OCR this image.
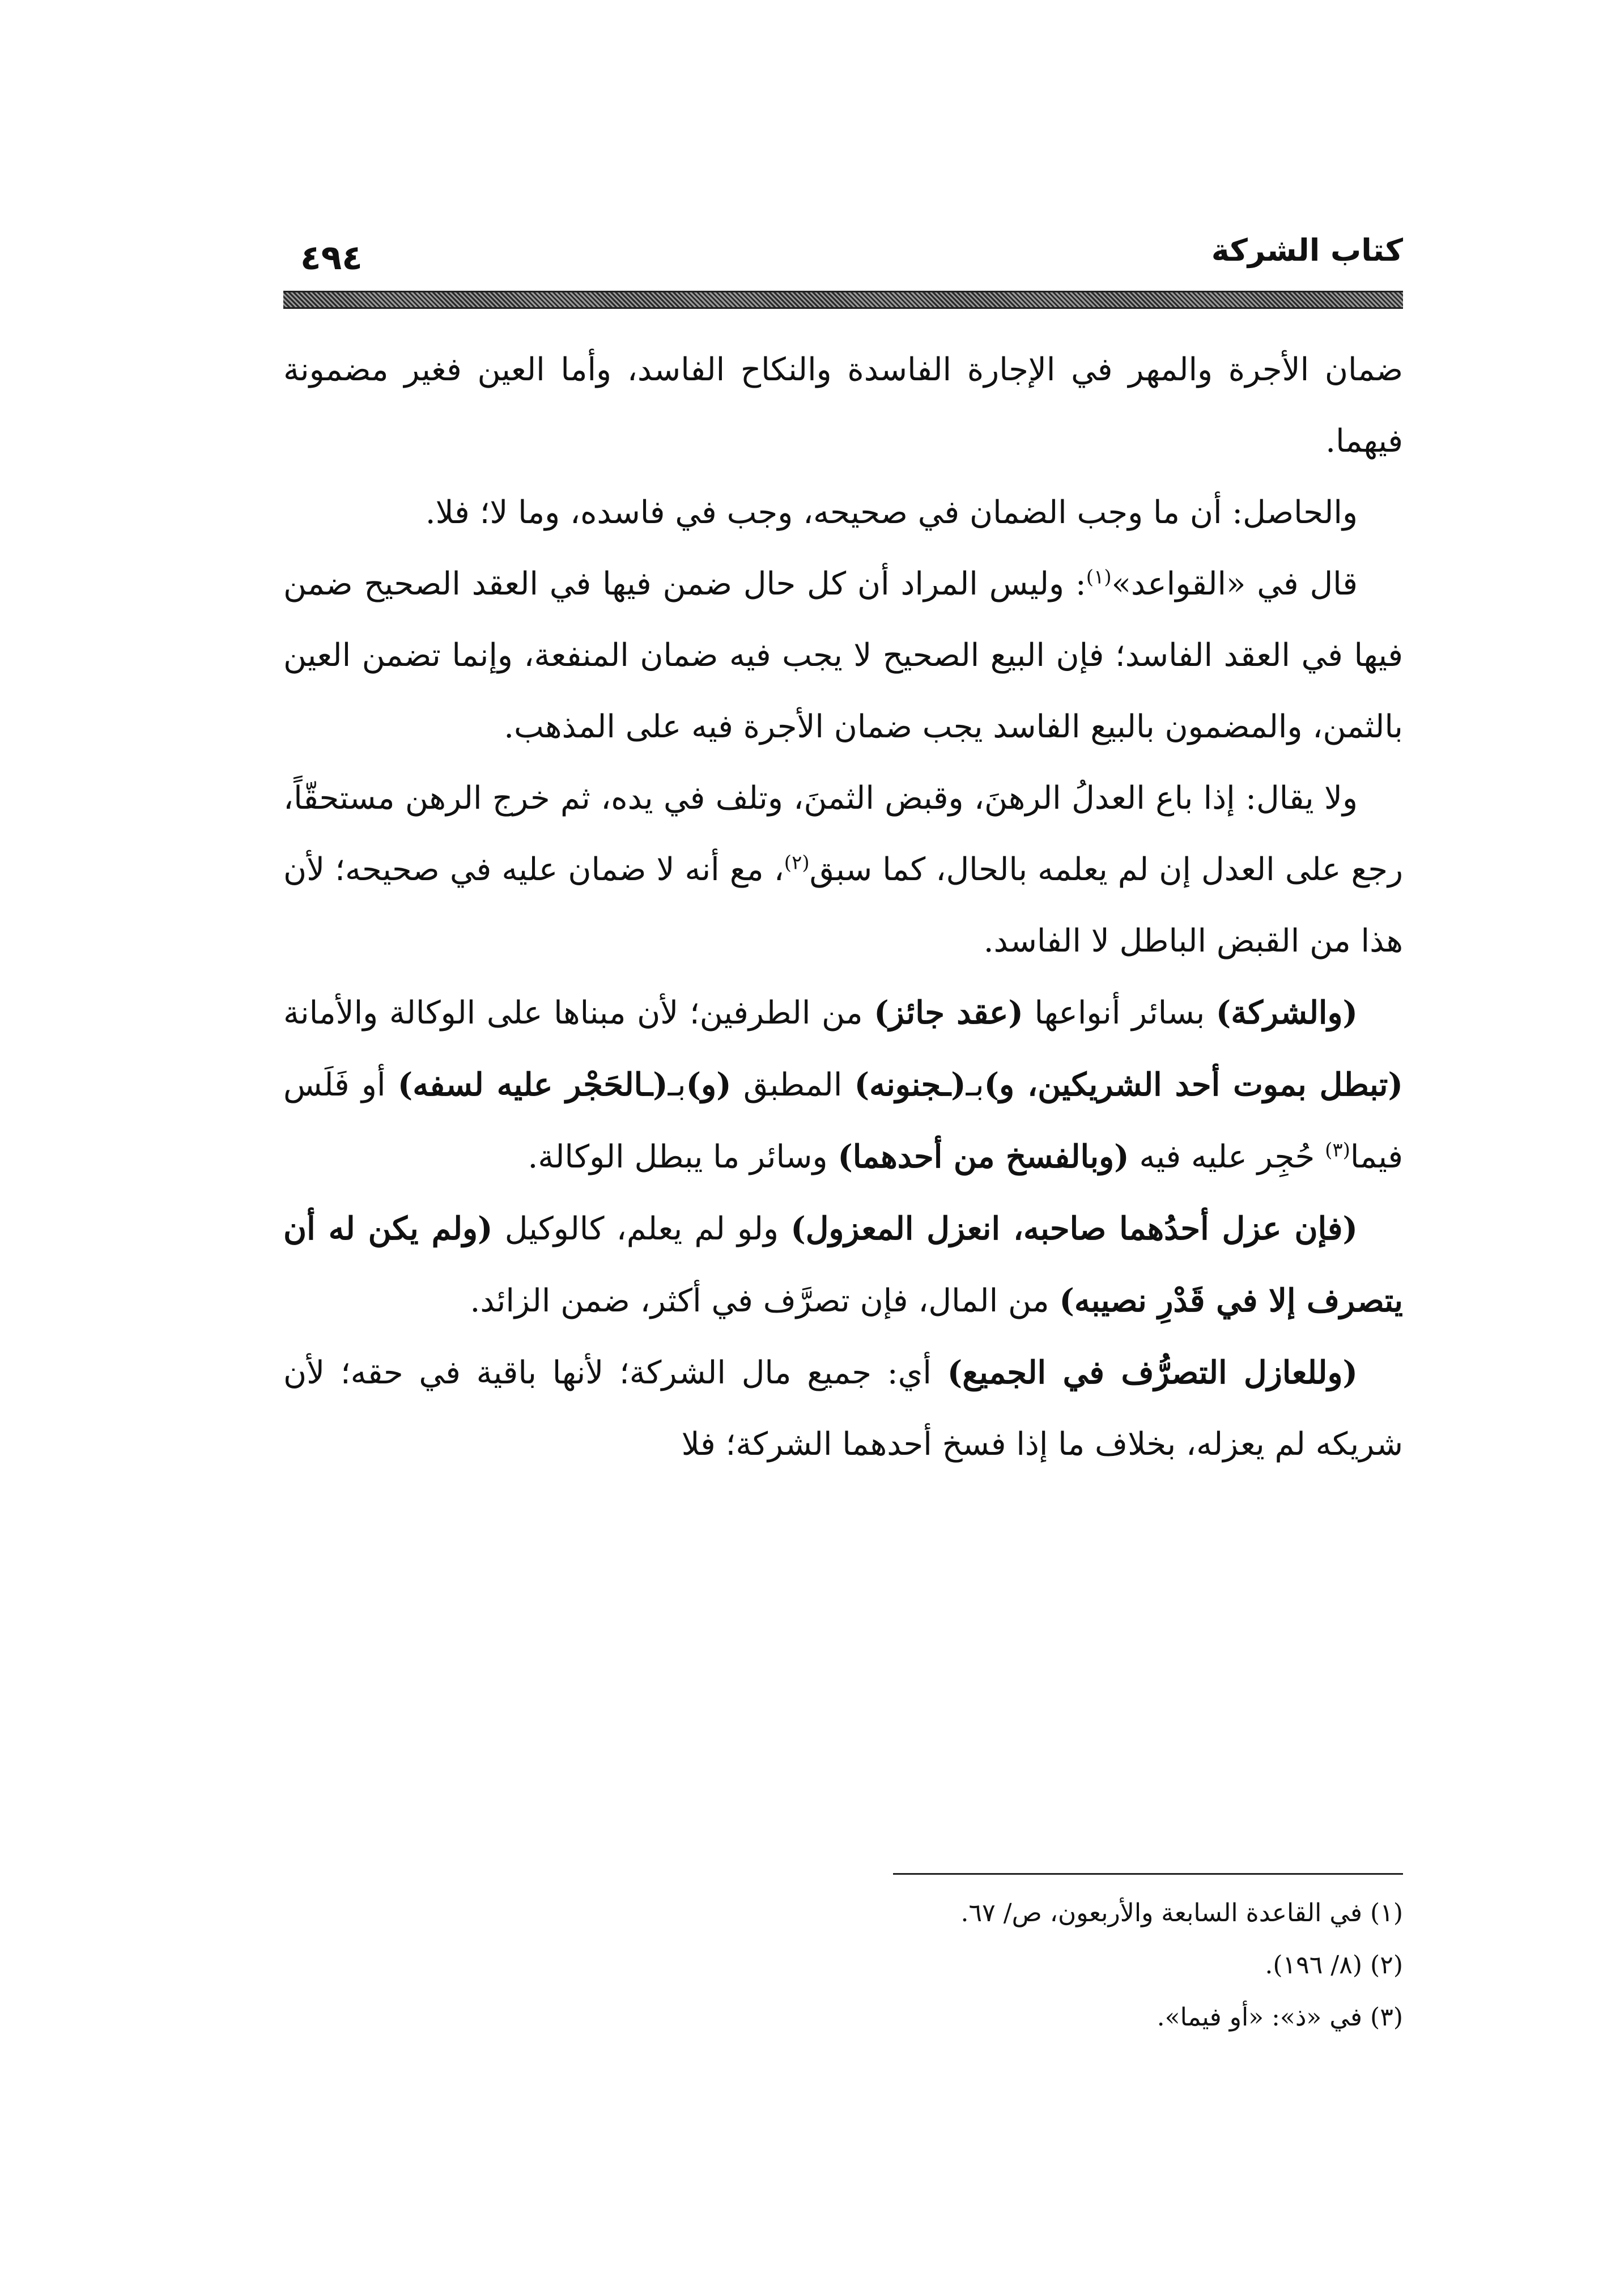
كتاب الشركة
٤٩٤

ضمان الأجرة والمهر في الإجارة الفاسدة والنكاح الفاسد، وأما العين فغير مضمونة فيهما.

والحاصل: أن ما وجب الضمان في صحيحه، وجب في فاسده، وما لا؛ فلا.

قال في «القواعد»$^{(١)}$: وليس المراد أن كل حال ضمن فيها في العقد الصحيح ضمن فيها في العقد الفاسد؛ فإن البيع الصحيح لا يجب فيه ضمان المنفعة، وإنما تضمن العين بالثمن، والمضمون بالبيع الفاسد يجب ضمان الأجرة فيه على المذهب.

ولا يقال: إذا باع العدلُ الرهنَ، وقبض الثمنَ، وتلف في يده، ثم خرج الرهن مستحقّاً، رجع على العدل إن لم يعلمه بالحال، كما سبق$^{(٢)}$، مع أنه لا ضمان عليه في صحيحه؛ لأن هذا من القبض الباطل لا الفاسد.

(والشركة) بسائر أنواعها (عقد جائز) من الطرفين؛ لأن مبناها على الوكالة والأمانة (تبطل بموت أحد الشريكين، و)بـ(ـجنونه) المطبق (و)بـ(ـالحَجْر عليه لسفه) أو فَلَس فيما$^{(٣)}$ حُجِر عليه فيه (وبالفسخ من أحدهما) وسائر ما يبطل الوكالة.

(فإن عزل أحدُهما صاحبه، انعزل المعزول) ولو لم يعلم، كالوكيل (ولم يكن له أن يتصرف إلا في قَدْرِ نصيبه) من المال، فإن تصرَّف في أكثر، ضمن الزائد.

(وللعازل التصرُّف في الجميع) أي: جميع مال الشركة؛ لأنها باقية في حقه؛ لأن شريكه لم يعزله، بخلاف ما إذا فسخ أحدهما الشركة؛ فلا

(١) في القاعدة السابعة والأربعون، ص/ ٦٧.

(٢) (٨/ ١٩٦).

(٣) في «ذ»: «أو فيما».
